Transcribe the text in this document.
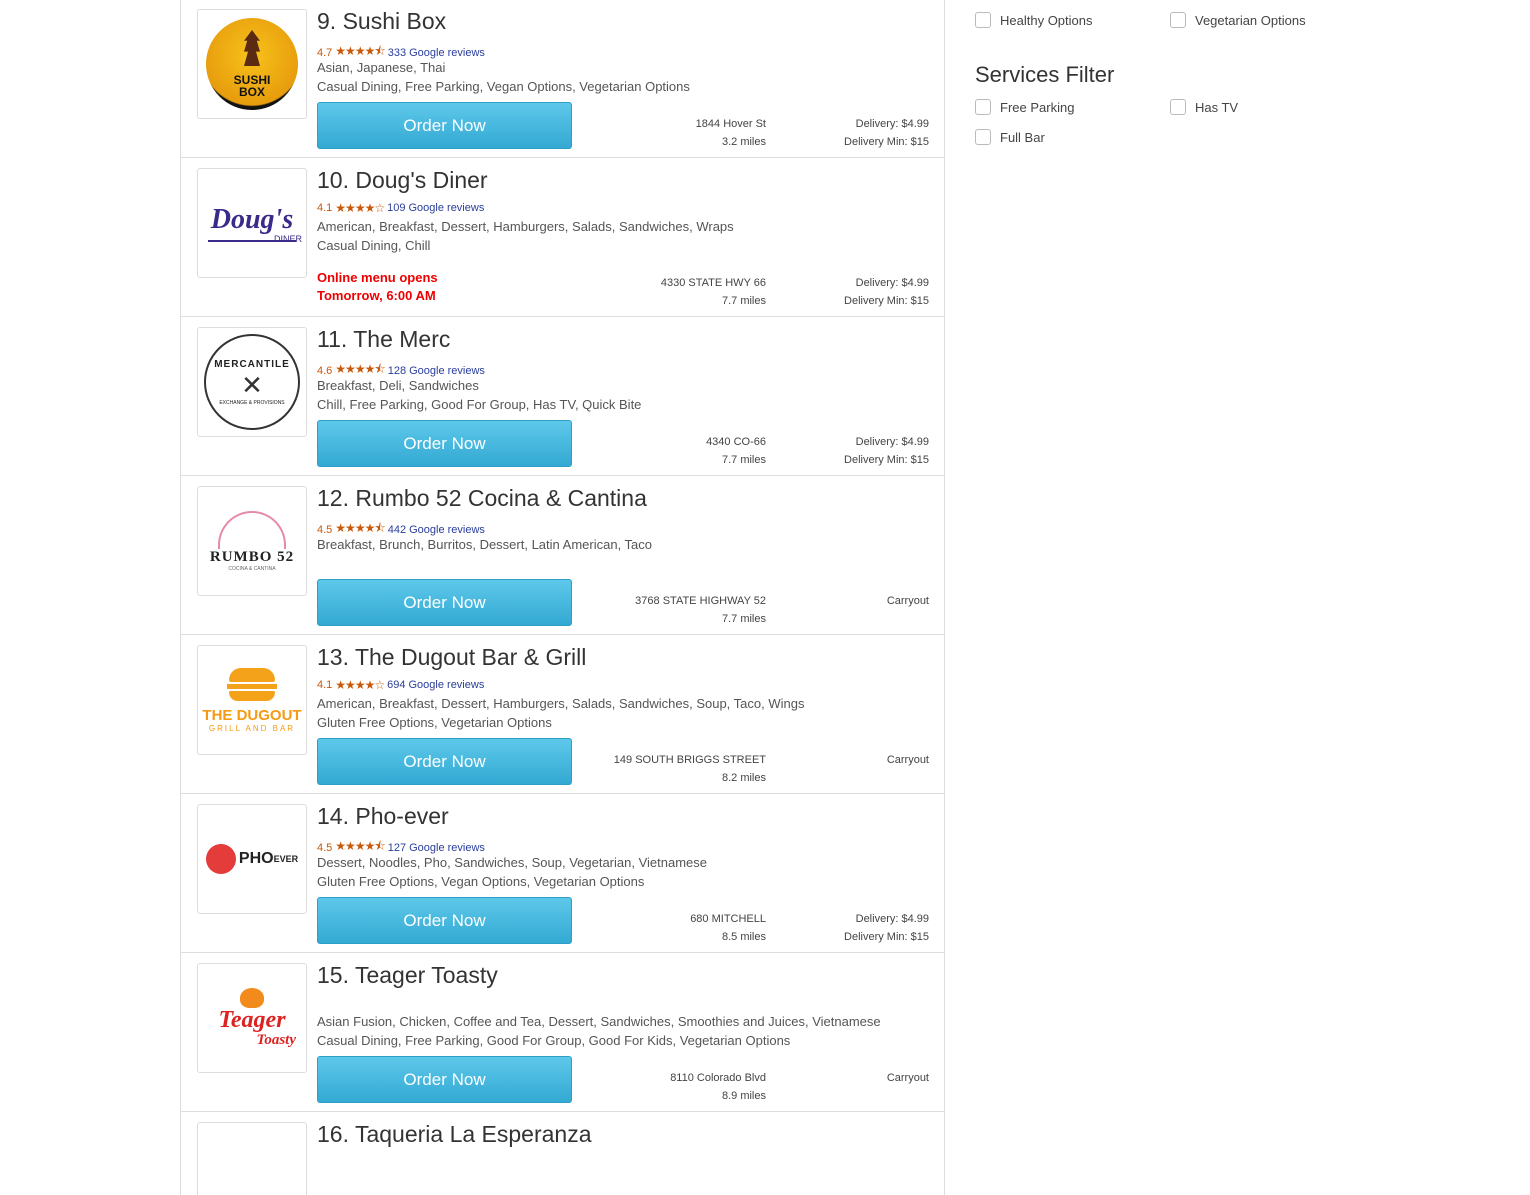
SUSHI BOX
9. Sushi Box
4.7 ★★★★⯪ 333 Google reviews
Asian, Japanese, Thai
Casual Dining, Free Parking, Vegan Options, Vegetarian Options
Order Now	1844 Hover St
3.2 miles
Delivery: $4.99
Delivery Min: $15
Doug's
DINER
10. Doug's Diner
4.1 ★★★★☆ 109 Google reviews
American, Breakfast, Dessert, Hamburgers, Salads, Sandwiches, Wraps
Casual Dining, Chill
Online menu opens
Tomorrow, 6:00 AM
4330 STATE HWY 66
7.7 miles
Delivery: $4.99
Delivery Min: $15
MERCANTILE
✕
EXCHANGE & PROVISIONS
11. The Merc
4.6 ★★★★⯪ 128 Google reviews
Breakfast, Deli, Sandwiches
Chill, Free Parking, Good For Group, Has TV, Quick Bite
Order Now	4340 CO-66
7.7 miles
Delivery: $4.99
Delivery Min: $15
RUMBO 52
COCINA & CANTINA
12. Rumbo 52 Cocina & Cantina
4.5 ★★★★⯪ 442 Google reviews
Breakfast, Brunch, Burritos, Dessert, Latin American, Taco
Order Now	3768 STATE HIGHWAY 52
7.7 miles
Carryout
THE DUGOUT
GRILL AND BAR
13. The Dugout Bar & Grill
4.1 ★★★★☆ 694 Google reviews
American, Breakfast, Dessert, Hamburgers, Salads, Sandwiches, Soup, Taco, Wings
Gluten Free Options, Vegetarian Options
Order Now	149 SOUTH BRIGGS STREET
8.2 miles
Carryout
PHO EVER
14. Pho-ever
4.5 ★★★★⯪ 127 Google reviews
Dessert, Noodles, Pho, Sandwiches, Soup, Vegetarian, Vietnamese
Gluten Free Options, Vegan Options, Vegetarian Options
Order Now	680 MITCHELL
8.5 miles
Delivery: $4.99
Delivery Min: $15
Teager
Toasty
15. Teager Toasty
Asian Fusion, Chicken, Coffee and Tea, Dessert, Sandwiches, Smoothies and Juices, Vietnamese
Casual Dining, Free Parking, Good For Group, Good For Kids, Vegetarian Options
Order Now	8110 Colorado Blvd
8.9 miles
Carryout
16. Taqueria La Esperanza
Healthy Options	Vegetarian Options
Services Filter
Free Parking	Has TV
Full Bar
